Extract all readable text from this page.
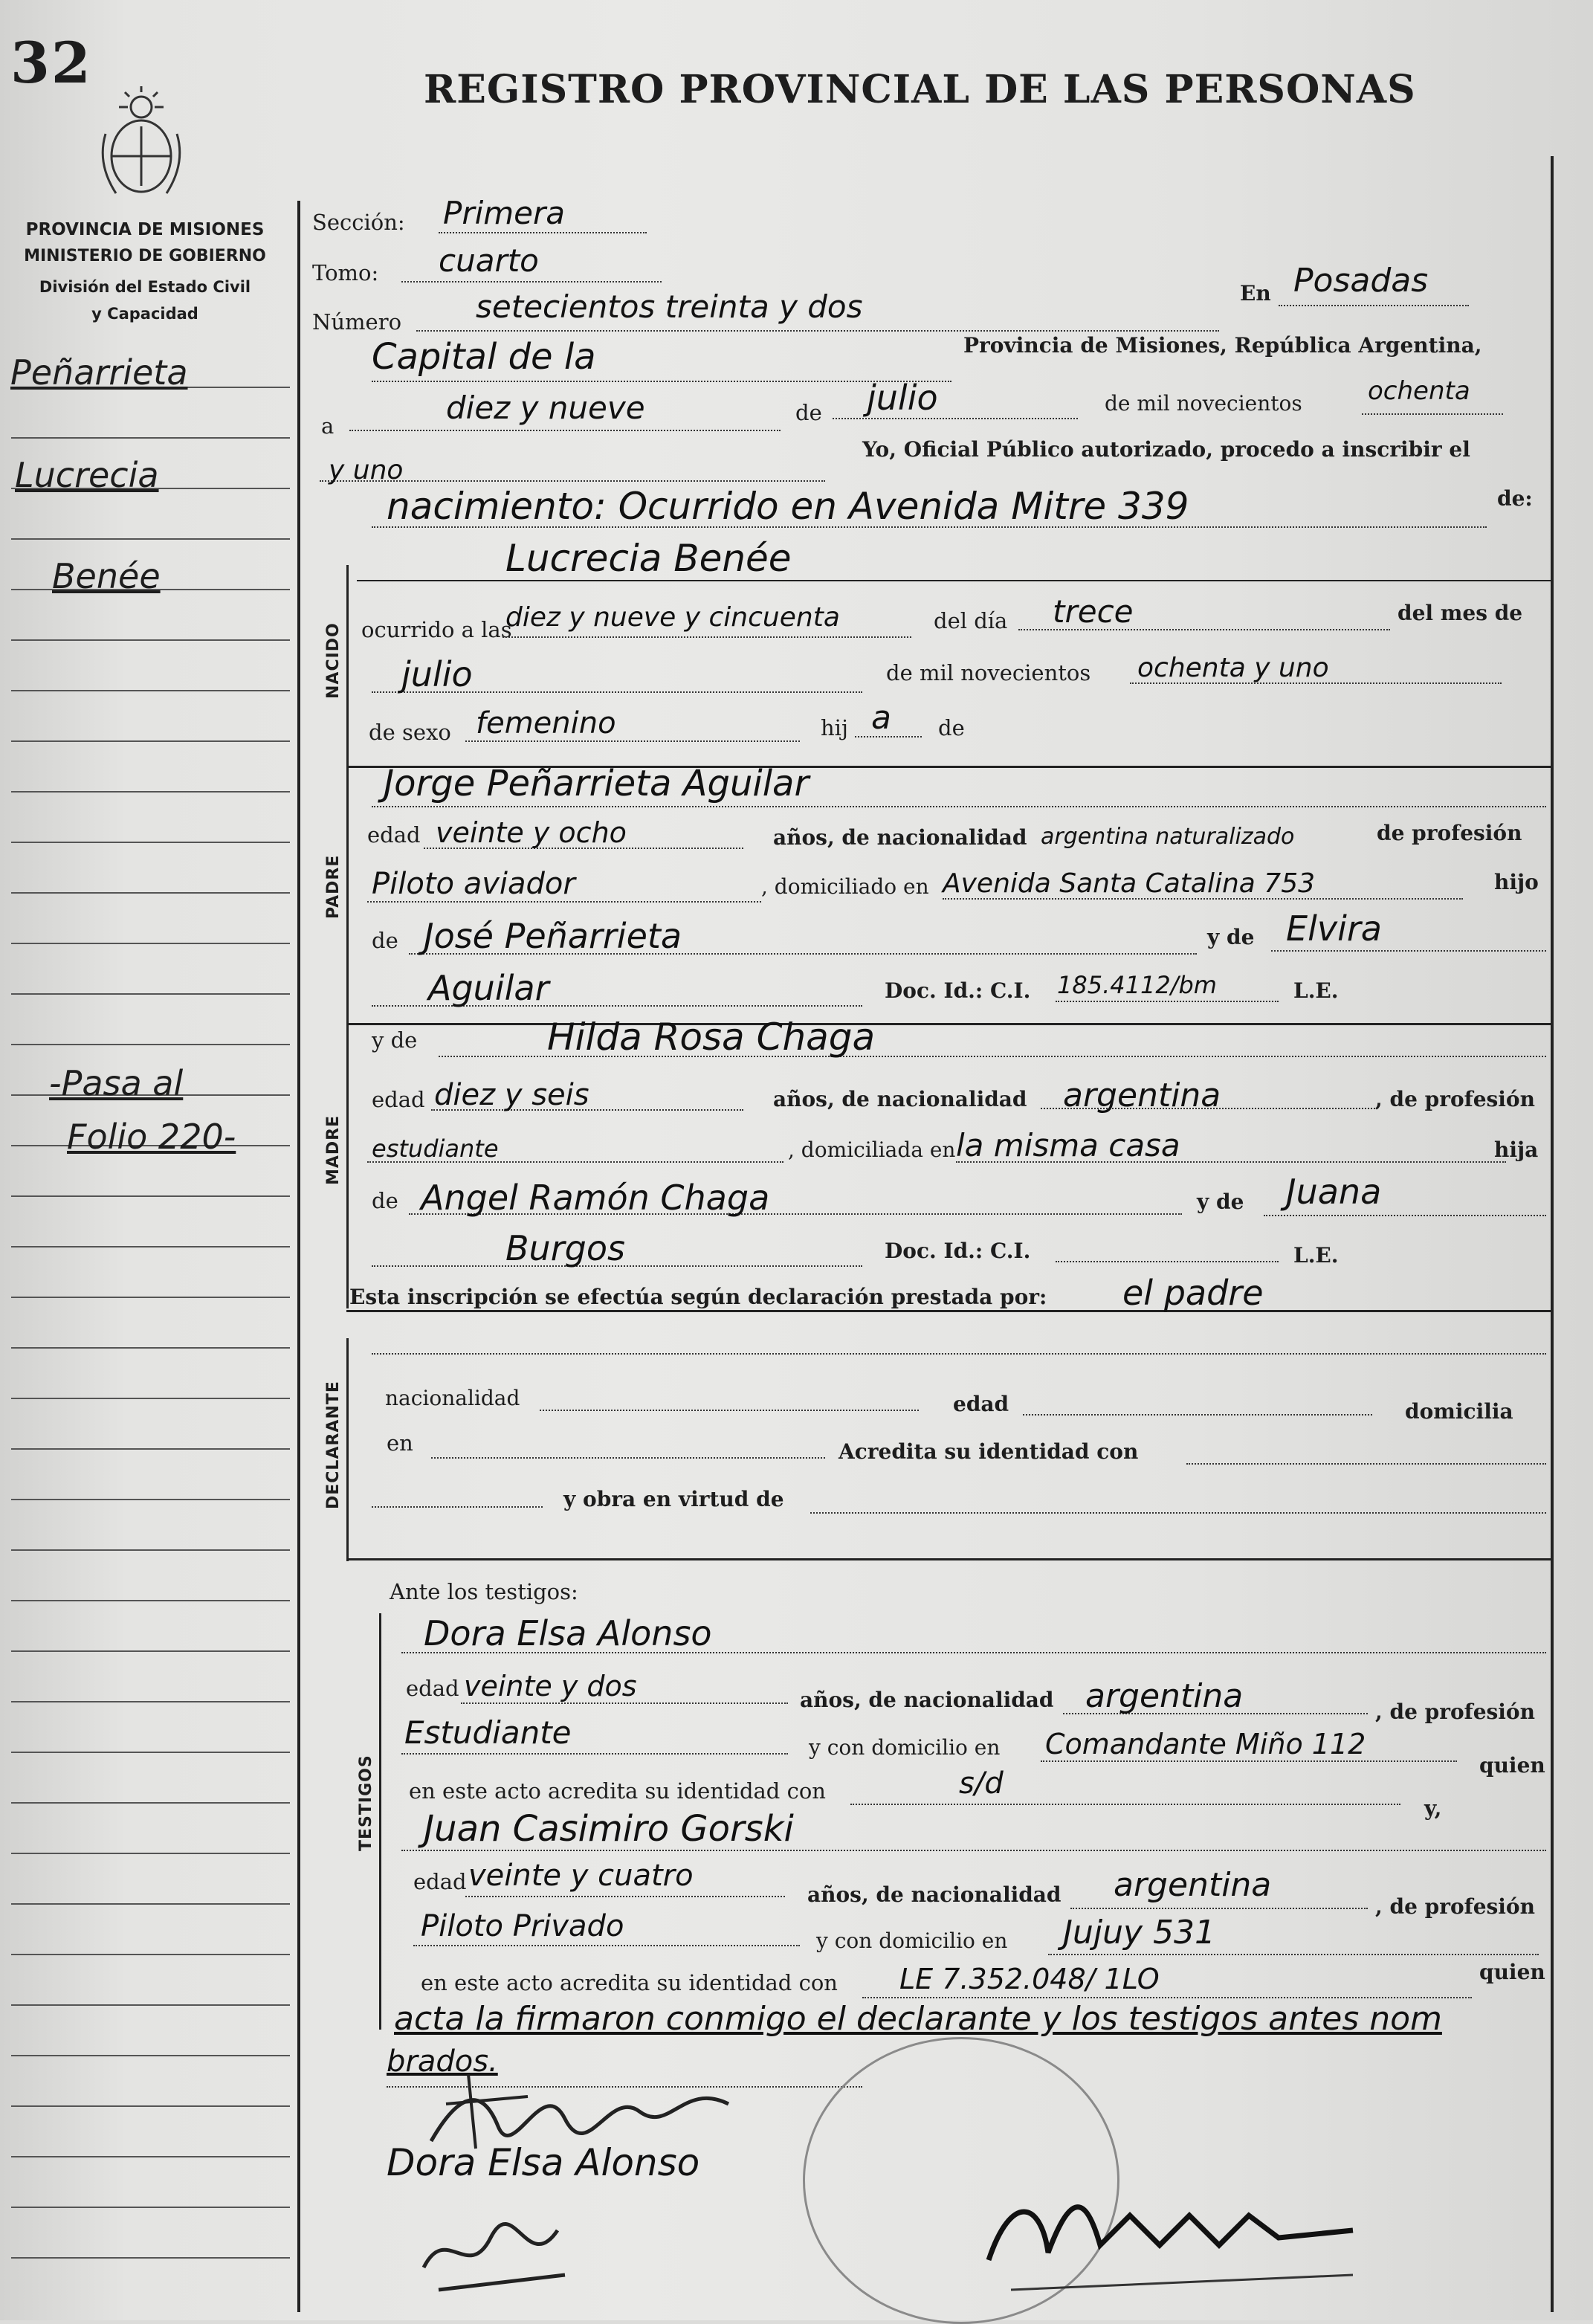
32	REGISTRO PROVINCIAL DE LAS PERSONAS
PROVINCIA DE MISIONES
MINISTERIO DE GOBIERNO
División del Estado Civil
y Capacidad
Peñarrieta
Lucrecia
Benée
-Pasa al
Folio 220-
NACIDO
PADRE
MADRE
DECLARANTE
TESTIGOS
Sección: Primera
Tomo: cuarto
Número setecientos treinta y dos	En Posadas
Capital de la	Provincia de Misiones, República Argentina,
a	diez y nueve	de julio	de mil novecientos	ochenta
y uno
Yo, Oficial Público autorizado, procedo a inscribir el
nacimiento: Ocurrido en Avenida Mitre 339	de:
Lucrecia Benée
ocurrido a las
diez y nueve y cincuenta	del día trece	del mes de
julio	de mil novecientos ochenta y uno
de sexo femenino	hij a de
Jorge Peñarrieta Aguilar
edad veinte y ocho	años, de nacionalidad argentina naturalizado	de profesión
Piloto aviador	, domiciliado en Avenida Santa Catalina 753	hijo
de José Peñarrieta	y de Elvira
Aguilar	Doc. Id.: C.I. 185.4112/bm	L.E.
y de	Hilda Rosa Chaga
edad diez y seis	años, de nacionalidad argentina	, de profesión
estudiante	, domiciliada en la misma casa	hija
de Angel Ramón Chaga	y de Juana
Burgos	Doc. Id.: C.I.	L.E.
Esta inscripción se efectúa según declaración prestada por: el padre
nacionalidad	edad	domicilia
en	Acredita su identidad con
y obra en virtud de
Ante los testigos:
Dora Elsa Alonso
edad veinte y dos	años, de nacionalidad argentina	, de profesión
Estudiante	y con domicilio en Comandante Miño 112
quien
en este acto acredita su identidad con	s/d
y,
Juan Casimiro Gorski
edad veinte y cuatro
años, de nacionalidad argentina
, de profesión
Piloto Privado	y con domicilio en Jujuy 531
en este acto acredita su identidad con LE 7.352.048/ 1LO	quien
acta la firmaron conmigo el declarante y los testigos antes nom
brados.
Dora Elsa Alonso
